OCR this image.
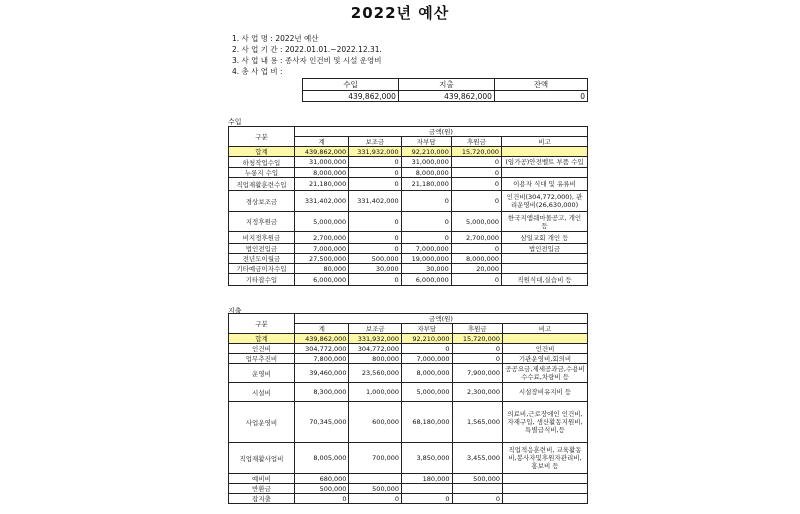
2022년 예산
1. 사 업 명 : 2022년 예산
2. 사 업 기 간 : 2022.01.01.~2022.12.31.
3. 사 업 내 용 : 종사자 인건비 및 시설 운영비
4. 총 사 업 비 :
수입	지출	잔액
439,862,000	439,862,000	0
수입
구분	금액(원)				
	계	보조금	자부담	후원금	비고
합계	439,862,000	331,932,000	92,210,000	15,720,000	
하청작업수입	31,000,000	0	31,000,000	0	(임가공)안전벨트 부품 수입
누룽지 수입	8,000,000	0	8,000,000	0	
직업재활훈련수입	21,180,000	0	21,180,000	0	이용자 식대 및 유류비
경상보조금	331,402,000	331,402,000	0	0	인건비(304,772,000), 관리운영비(26,630,000)
지정후원금	5,000,000	0	0	5,000,000	한국지엠쉐마몰공고, 개인 등
비지정후원금	2,700,000	0	0	2,700,000	삼일교회 개인 등
법인전입금	7,000,000	0	7,000,000	0	법인전입금
전년도이월금	27,500,000	500,000	19,000,000	8,000,000	
기타예금이자수입	80,000	30,000	30,000	20,000	
기타잡수입	6,000,000	0	6,000,000	0	직원식대,실습비 등
지출
구분	금액(원)				
	계	보조금	자부담	후원금	비고
합계	439,862,000	331,932,000	92,210,000	15,720,000	
인건비	304,772,000	304,772,000	0	0	인건비
업무추진비	7,800,000	800,000	7,000,000	0	기관운영비,회의비
운영비	39,460,000	23,560,000	8,000,000	7,900,000	공공요금,제세공과금,수용비 수수료,차량비 등
시설비	8,300,000	1,000,000	5,000,000	2,300,000	시설장비유지비 등
사업운영비	70,345,000	600,000	68,180,000	1,565,000	의료비,근로장애인 인건비, 자재구입, 생산활동지원비, 특별급식비,등
직업재활사업비	8,005,000	700,000	3,850,000	3,455,000	직업적응훈련비, 교육활동비,봉사자및후원자관리비, 홍보비 등
예비비	680,000		180,000	500,000	
반환금	500,000	500,000			
잡지출	0	0	0	0	
